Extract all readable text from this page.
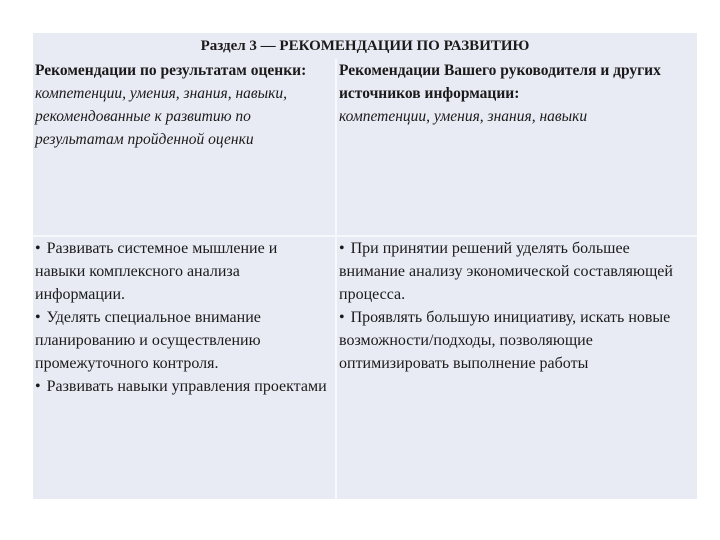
Раздел 3 — РЕКОМЕНДАЦИИ ПО РАЗВИТИЮ

Рекомендации по результатам оценки:

компетенции, умения, знания, навыки, рекомендованные к развитию по результатам пройденной оценки

Рекомендации Вашего руководителя и других источников информации:

компетенции, умения, знания, навыки

• Развивать системное мышление и навыки комплексного анализа информации.
• Уделять специальное внимание планированию и осуществлению промежуточного контроля.
• Развивать навыки управления проектами
• При принятии решений уделять большее внимание анализу экономической составляющей процесса.
• Проявлять большую инициативу, искать новые возможности/подходы, позволяющие оптимизировать выполнение работы
